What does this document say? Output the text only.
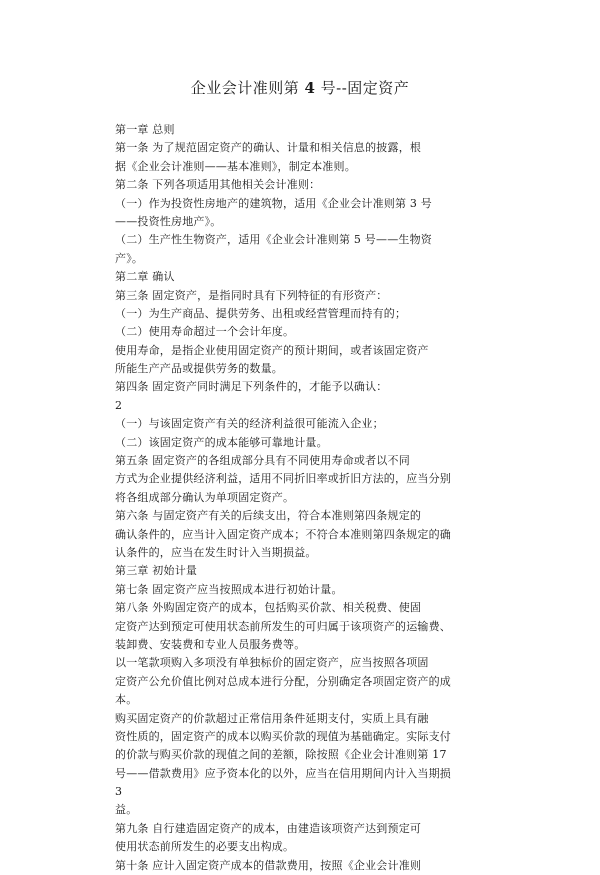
企业会计准则第 4 号--固定资产
第一章 总则
第一条 为了规范固定资产的确认、计量和相关信息的披露，根
据《企业会计准则——基本准则》，制定本准则。
第二条 下列各项适用其他相关会计准则：
（一）作为投资性房地产的建筑物，适用《企业会计准则第 3 号
——投资性房地产》。
（二）生产性生物资产，适用《企业会计准则第 5 号——生物资
产》。
第二章 确认
第三条 固定资产，是指同时具有下列特征的有形资产：
（一）为生产商品、提供劳务、出租或经营管理而持有的；
（二）使用寿命超过一个会计年度。
使用寿命，是指企业使用固定资产的预计期间，或者该固定资产
所能生产产品或提供劳务的数量。
第四条 固定资产同时满足下列条件的，才能予以确认：
2
（一）与该固定资产有关的经济利益很可能流入企业；
（二）该固定资产的成本能够可靠地计量。
第五条 固定资产的各组成部分具有不同使用寿命或者以不同
方式为企业提供经济利益，适用不同折旧率或折旧方法的，应当分别
将各组成部分确认为单项固定资产。
第六条 与固定资产有关的后续支出，符合本准则第四条规定的
确认条件的，应当计入固定资产成本；不符合本准则第四条规定的确
认条件的，应当在发生时计入当期损益。
第三章 初始计量
第七条 固定资产应当按照成本进行初始计量。
第八条 外购固定资产的成本，包括购买价款、相关税费、使固
定资产达到预定可使用状态前所发生的可归属于该项资产的运输费、
装卸费、安装费和专业人员服务费等。
以一笔款项购入多项没有单独标价的固定资产，应当按照各项固
定资产公允价值比例对总成本进行分配，分别确定各项固定资产的成
本。
购买固定资产的价款超过正常信用条件延期支付，实质上具有融
资性质的，固定资产的成本以购买价款的现值为基础确定。实际支付
的价款与购买价款的现值之间的差额，除按照《企业会计准则第 17
号——借款费用》应予资本化的以外，应当在信用期间内计入当期损
3
益。
第九条 自行建造固定资产的成本，由建造该项资产达到预定可
使用状态前所发生的必要支出构成。
第十条 应计入固定资产成本的借款费用，按照《企业会计准则
